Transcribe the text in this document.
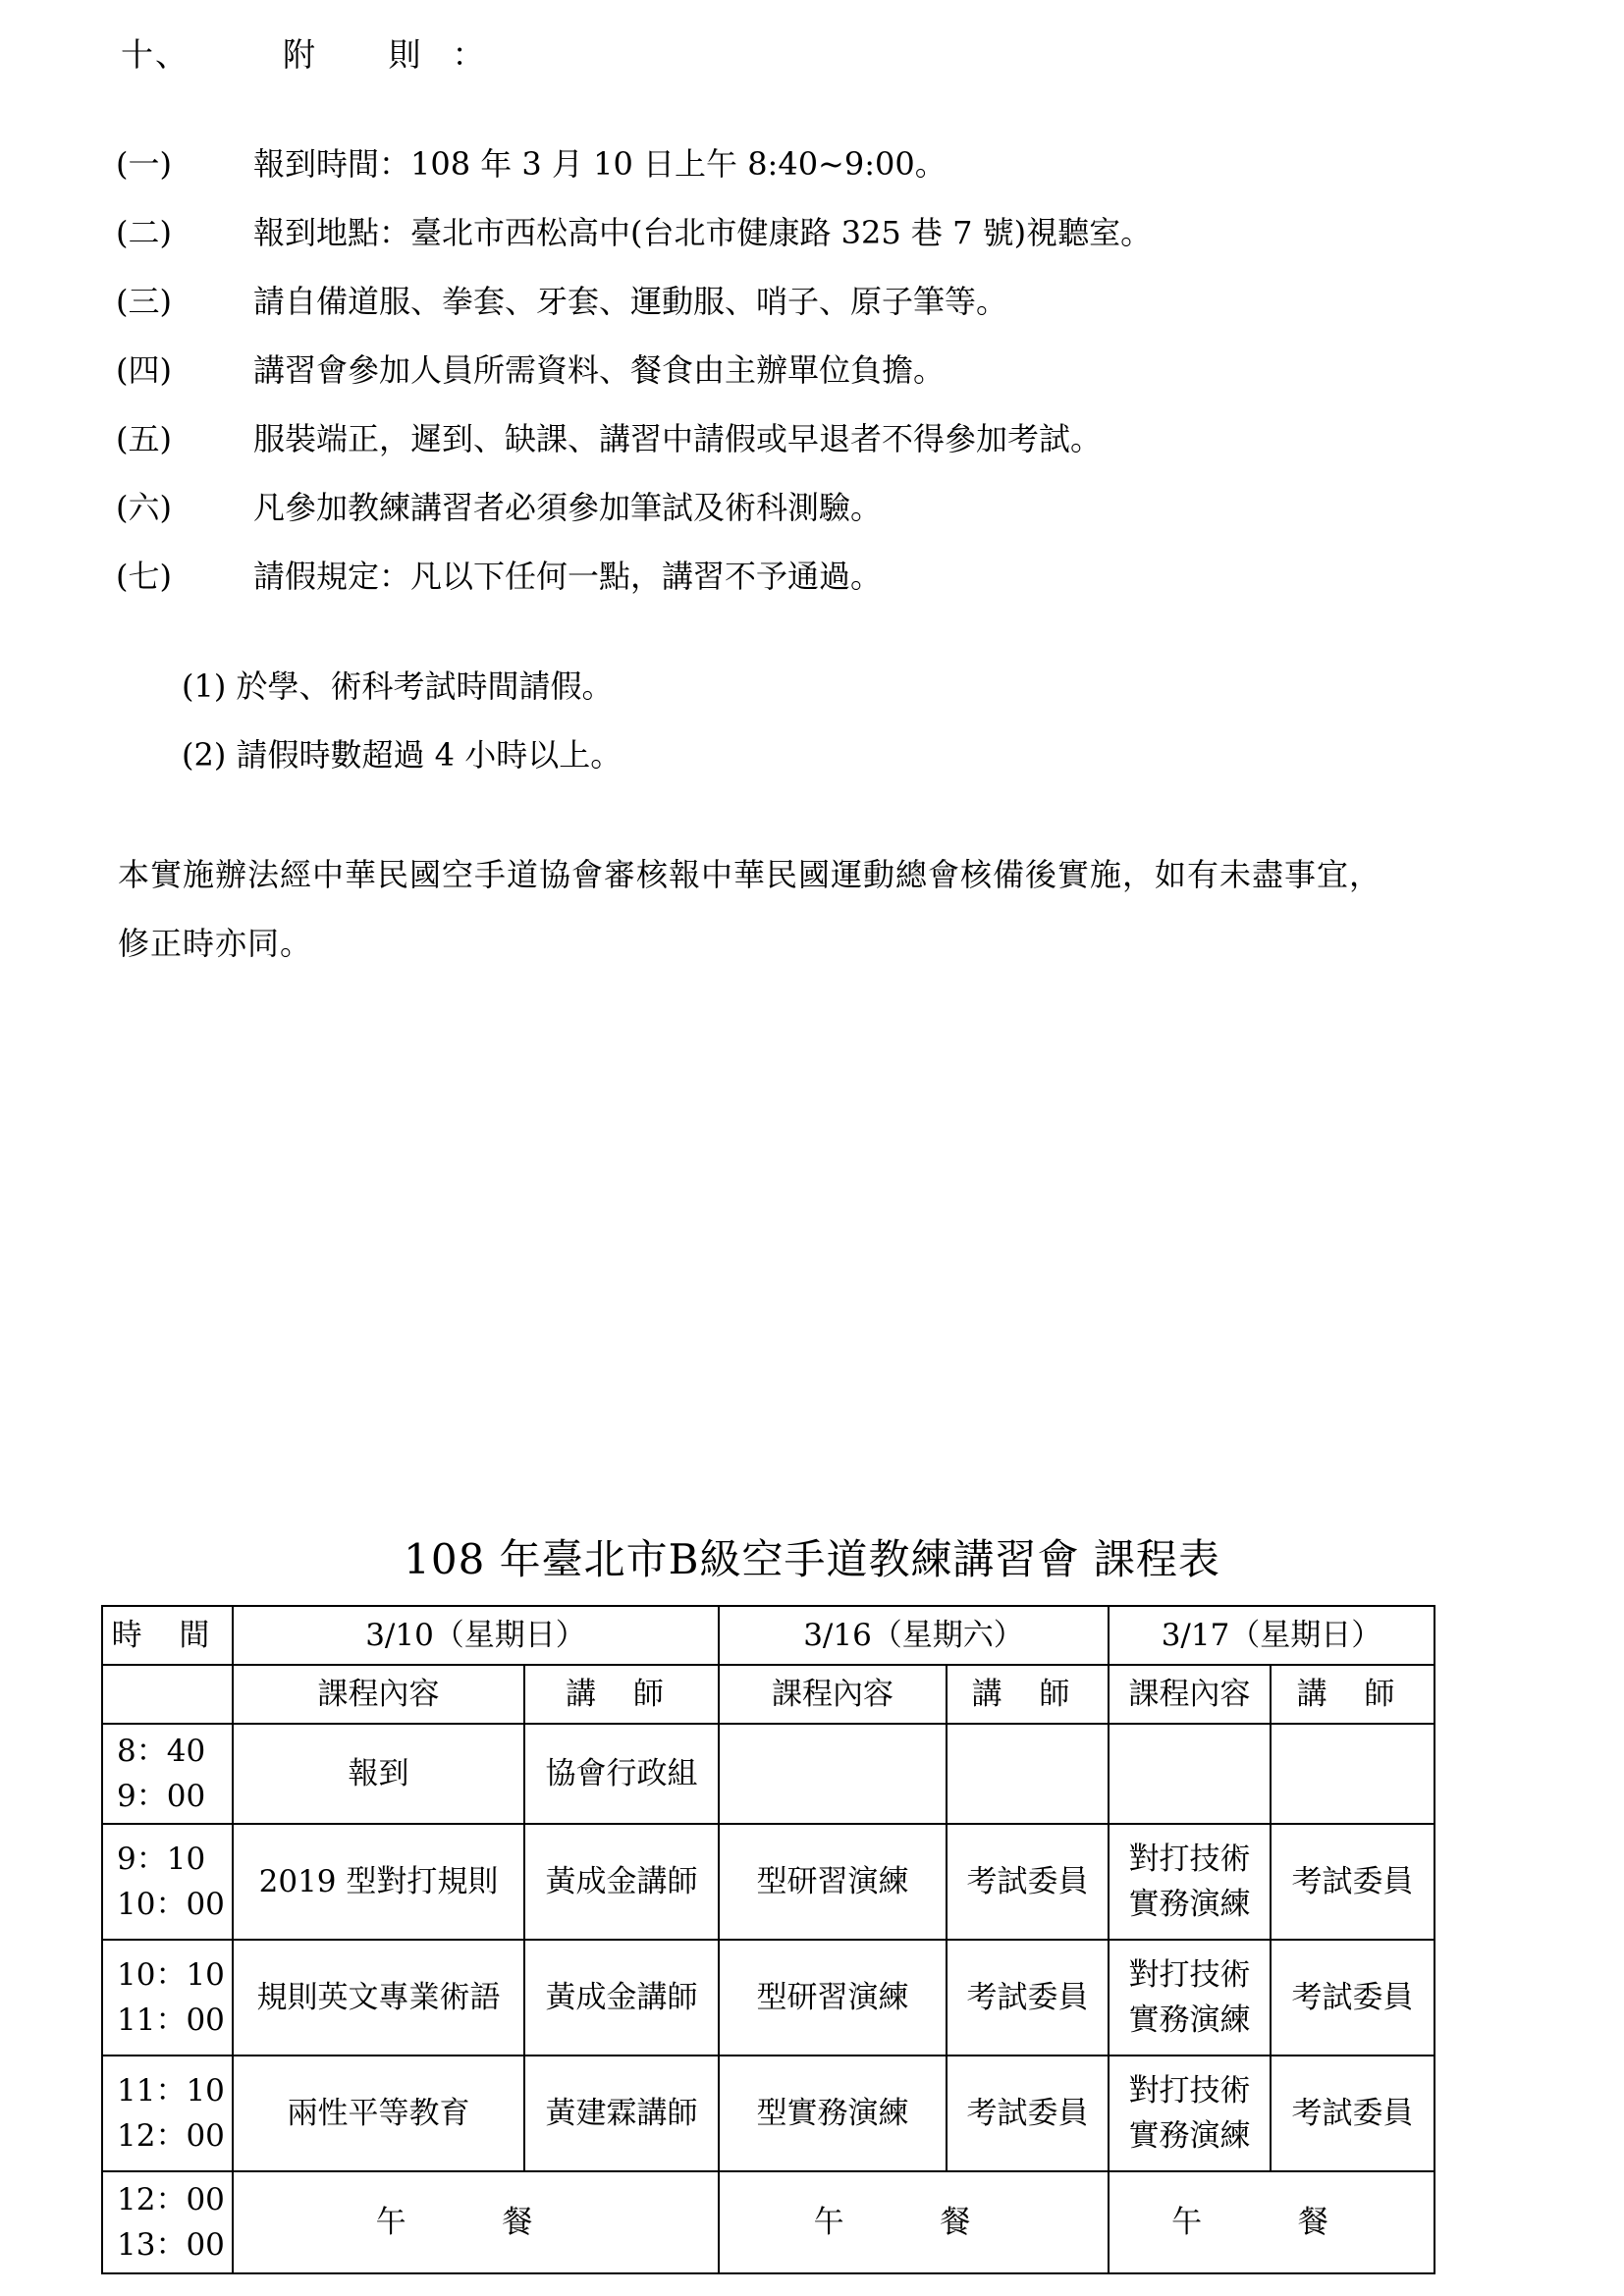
十、	附 則：
(一)	報到時間：108 年 3 月 10 日上午 8:40~9:00。
(二)	報到地點：臺北市西松高中(台北市健康路 325 巷 7 號)視聽室。
(三)	請自備道服、拳套、牙套、運動服、哨子、原子筆等。
(四)	講習會參加人員所需資料、餐食由主辦單位負擔。
(五)	服裝端正，遲到、缺課、講習中請假或早退者不得參加考試。
(六)	凡參加教練講習者必須參加筆試及術科測驗。
(七)	請假規定：凡以下任何一點，講習不予通過。
(1) 於學、術科考試時間請假。
(2) 請假時數超過 4 小時以上。
本實施辦法經中華民國空手道協會審核報中華民國運動總會核備後實施，如有未盡事宜，
修正時亦同。
108 年臺北市B級空手道教練講習會 課程表
時 間	3/10（星期日）		3/16（星期六）		3/17（星期日）	
	課程內容	講 師	課程內容	講 師	課程內容	講 師

8：40
9：00	報到	協會行政組				

9：10
10：00	2019 型對打規則	黃成金講師	型研習演練	考試委員	對打技術
實務演練	考試委員

10：10
11：00	規則英文專業術語	黃成金講師	型研習演練	考試委員	對打技術
實務演練	考試委員

11：10
12：00	兩性平等教育	黃建霖講師	型實務演練	考試委員	對打技術
實務演練	考試委員

12：00
13：00	午 餐		午 餐		午 餐	
